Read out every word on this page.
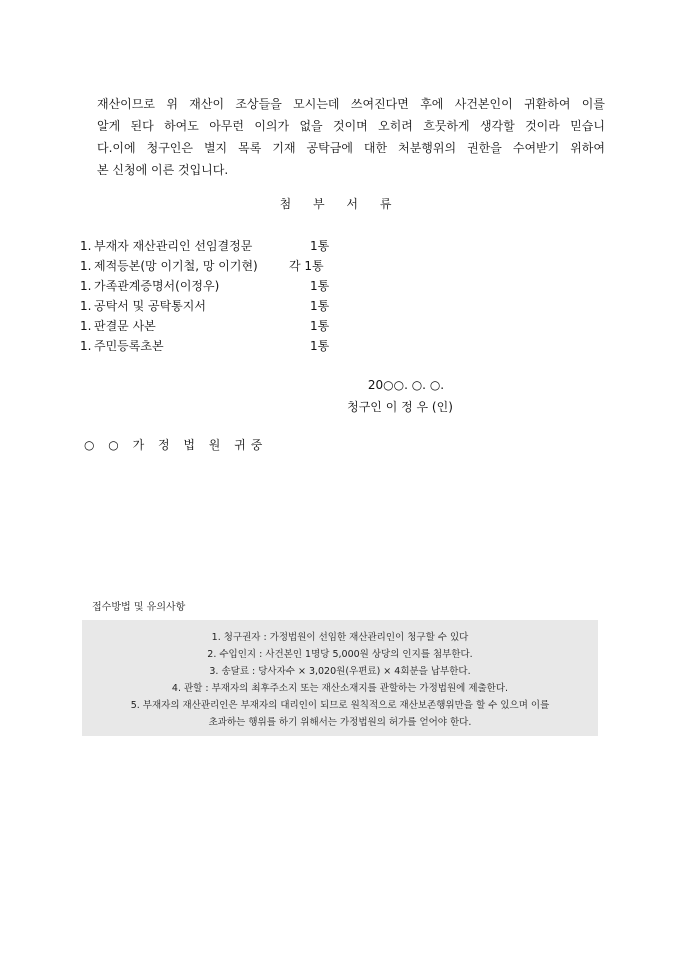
재산이므로 위 재산이 조상들을 모시는데 쓰여진다면 후에 사건본인이 귀환하여 이를
알게 된다 하여도 아무런 이의가 없을 것이며 오히려 흐뭇하게 생각할 것이라 믿습니
다.이에 청구인은 별지 목록 기재 공탁금에 대한 처분행위의 권한을 수여받기 위하여
본 신청에 이른 것입니다.
첨 부 서 류
1. 부재자 재산관리인 선임결정문	1통
1. 제적등본(망 이기철, 망 이기현)	각 1통
1. 가족관계증명서(이정우)	1통
1. 공탁서 및 공탁통지서	1통
1. 판결문 사본	1통
1. 주민등록초본	1통
20○○. ○. ○.
청구인 이 정 우 (인)
○ ○ 가 정 법 원 귀중
접수방법 및 유의사항
1. 청구권자 : 가정법원이 선임한 재산관리인이 청구할 수 있다
2. 수입인지 : 사건본인 1명당 5,000원 상당의 인지를 첨부한다.
3. 송달료 : 당사자수 × 3,020원(우편료) × 4회분을 납부한다.
4. 관할 : 부재자의 최후주소지 또는 재산소재지를 관할하는 가정법원에 제출한다.
5. 부재자의 재산관리인은 부재자의 대리인이 되므로 원칙적으로 재산보존행위만을 할 수 있으며 이를
초과하는 행위를 하기 위해서는 가정법원의 허가를 얻어야 한다.
